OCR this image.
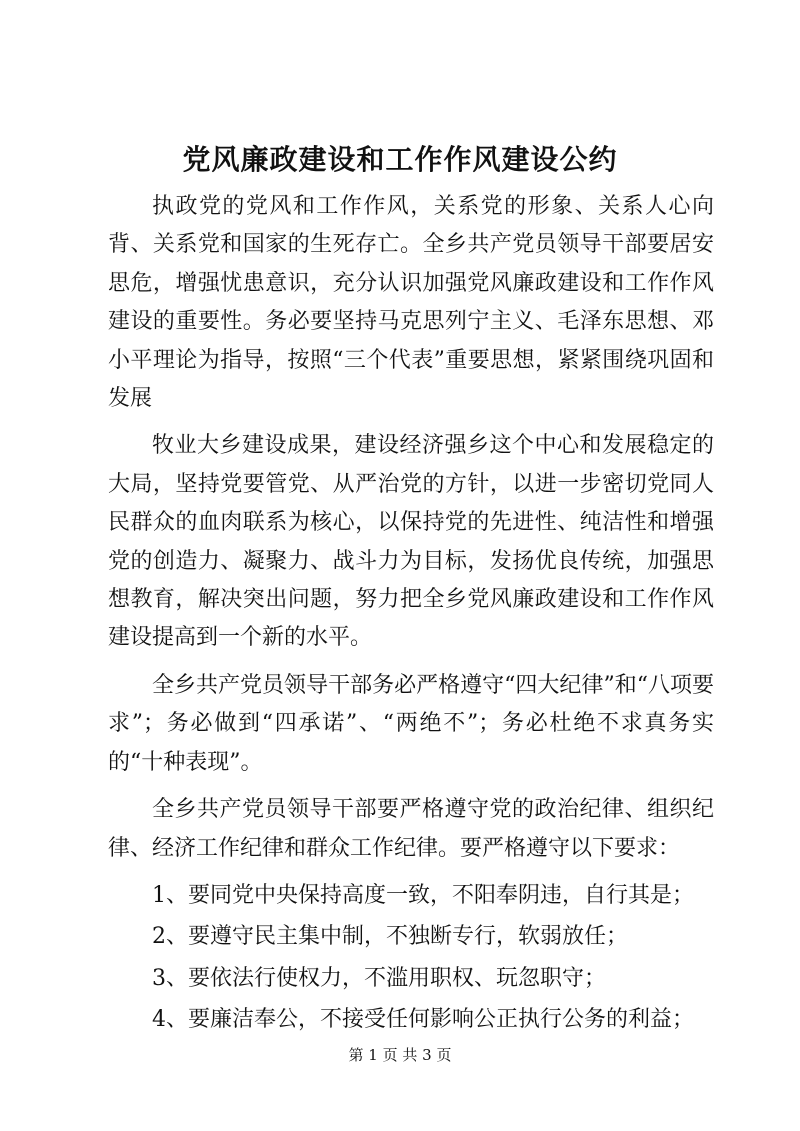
党风廉政建设和工作作风建设公约

执政党的党风和工作作风，关系党的形象、关系人心向背、关系党和国家的生死存亡。全乡共产党员领导干部要居安思危，增强忧患意识，充分认识加强党风廉政建设和工作作风建设的重要性。务必要坚持马克思列宁主义、毛泽东思想、邓小平理论为指导，按照“三个代表”重要思想，紧紧围绕巩固和发展

牧业大乡建设成果，建设经济强乡这个中心和发展稳定的大局，坚持党要管党、从严治党的方针，以进一步密切党同人民群众的血肉联系为核心，以保持党的先进性、纯洁性和增强党的创造力、凝聚力、战斗力为目标，发扬优良传统，加强思想教育，解决突出问题，努力把全乡党风廉政建设和工作作风建设提高到一个新的水平。

全乡共产党员领导干部务必严格遵守“四大纪律”和“八项要求”；务必做到“四承诺”、“两绝不”；务必杜绝不求真务实的“十种表现”。

全乡共产党员领导干部要严格遵守党的政治纪律、组织纪律、经济工作纪律和群众工作纪律。要严格遵守以下要求：

1、要同党中央保持高度一致，不阳奉阴违，自行其是；

2、要遵守民主集中制，不独断专行，软弱放任；

3、要依法行使权力，不滥用职权、玩忽职守；

4、要廉洁奉公，不接受任何影响公正执行公务的利益；

第 1 页 共 3 页
